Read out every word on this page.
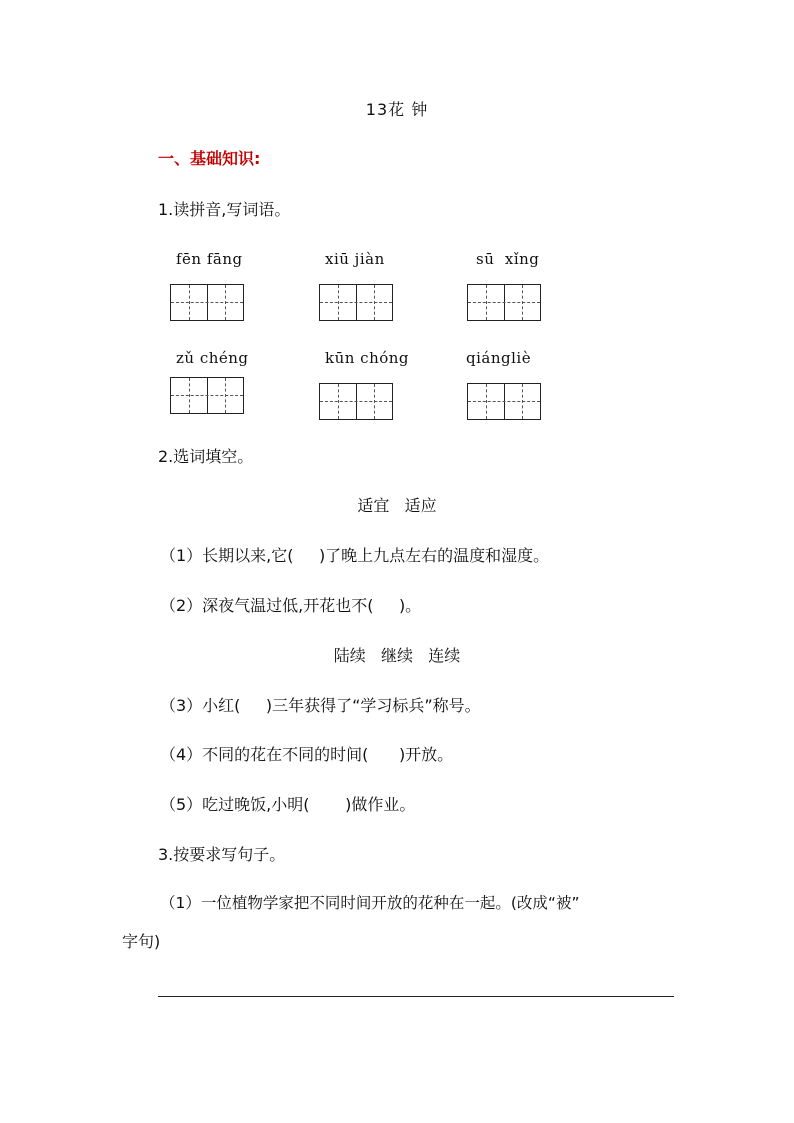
13花 钟
一、基础知识:
1.读拼音,写词语。
fēn fāng	xiū jiàn	sū  xǐng
zǔ chéng	kūn chóng	qiángliè
2.选词填空。
适宜   适应
（1）长期以来,它(     )了晚上九点左右的温度和湿度。
（2）深夜气温过低,开花也不(     )。
陆续   继续   连续
（3）小红(     )三年获得了“学习标兵”称号。
（4）不同的花在不同的时间(      )开放。
（5）吃过晚饭,小明(       )做作业。
3.按要求写句子。
（1）一位植物学家把不同时间开放的花种在一起。(改成“被”
字句)
